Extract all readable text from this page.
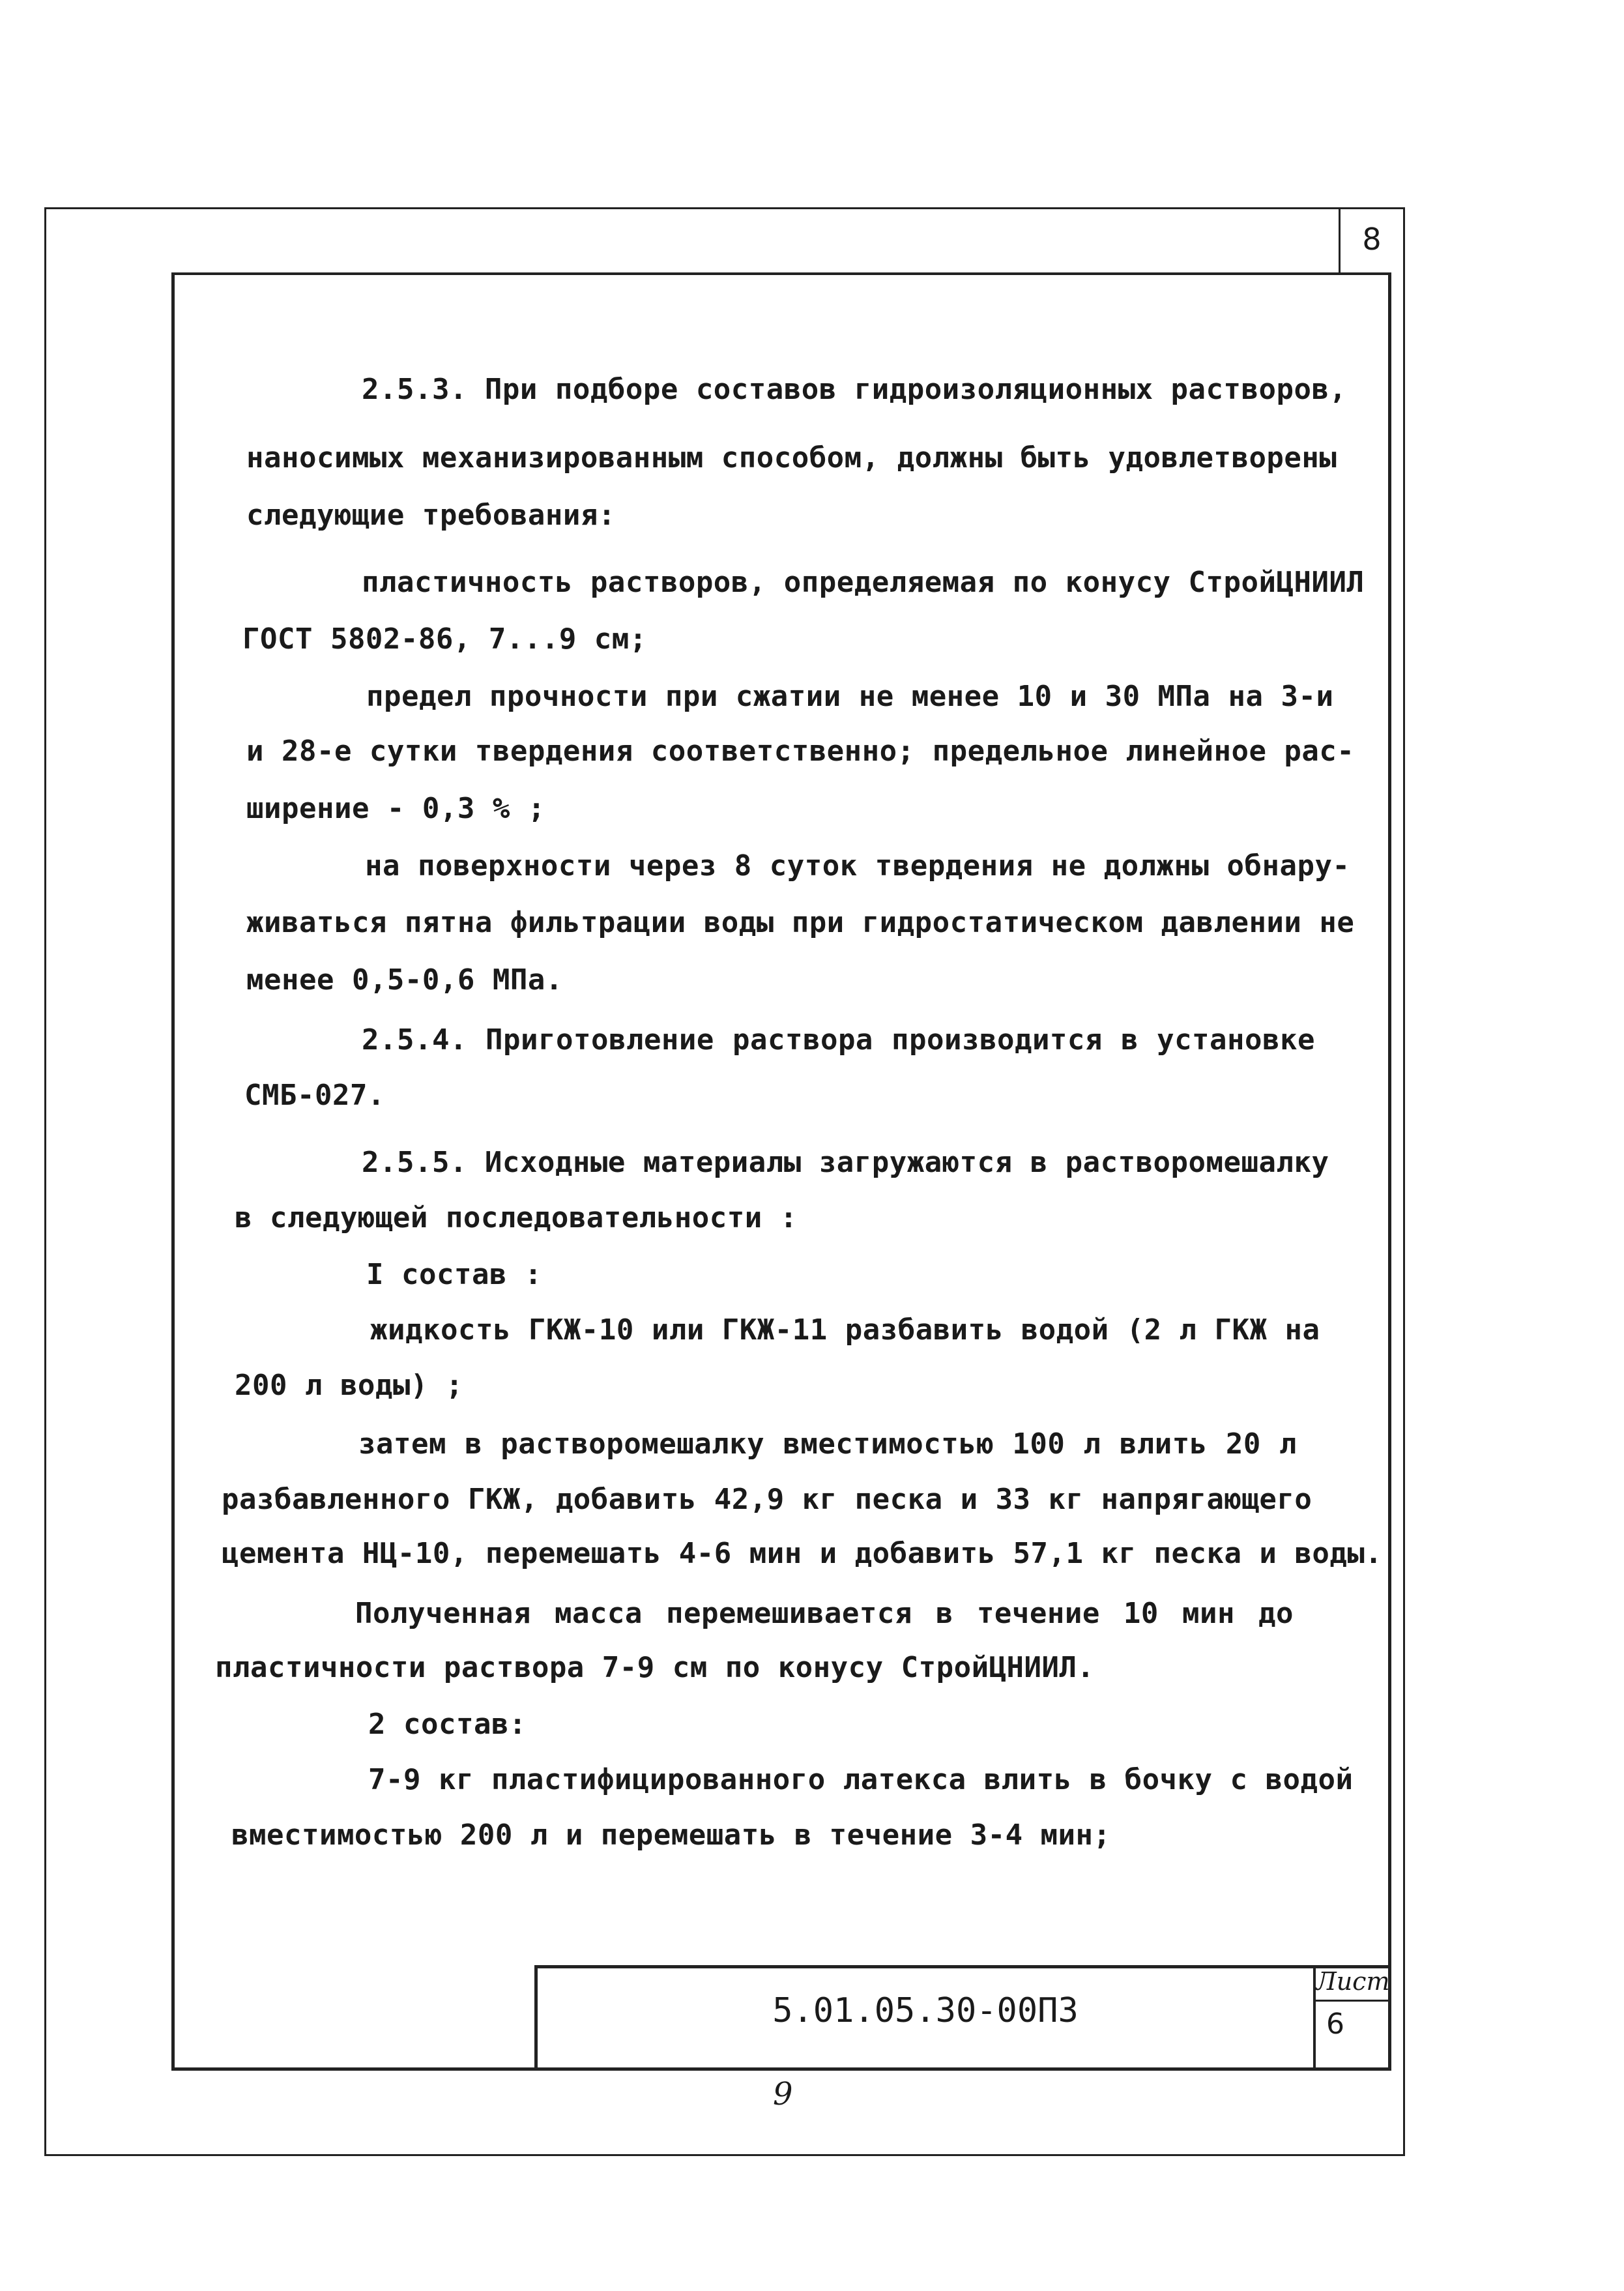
8
2.5.3. При подборе составов гидроизоляционных растворов,
наносимых механизированным способом, должны быть удовлетворены
следующие требования:
пластичность растворов, определяемая по конусу СтройЦНИИЛ
ГОСТ 5802-86, 7...9 см;
предел прочности при сжатии не менее 10 и 30 МПа на 3-и
и 28-е сутки твердения соответственно; предельное линейное рас-
ширение - 0,3 % ;
на поверхности через 8 суток твердения не должны обнару-
живаться пятна фильтрации воды при гидростатическом давлении не
менее 0,5-0,6 МПа.
2.5.4. Приготовление раствора производится в установке
СМБ-027.
2.5.5. Исходные материалы загружаются в растворомешалку
в следующей последовательности :
I состав :
жидкость ГКЖ-10 или ГКЖ-11 разбавить водой (2 л ГКЖ на
200 л воды) ;
затем в растворомешалку вместимостью 100 л влить 20 л
разбавленного ГКЖ, добавить 42,9 кг песка и 33 кг напрягающего
цемента НЦ-10, перемешать 4-6 мин и добавить 57,1 кг песка и воды.
Полученная масса перемешивается в течение 10 мин до
пластичности раствора 7-9 см по конусу СтройЦНИИЛ.
2 состав:
7-9 кг пластифицированного латекса влить в бочку с водой
вместимостью 200 л и перемешать в течение 3-4 мин;
5.01.05.30-00ПЗ
Лист
6
9
